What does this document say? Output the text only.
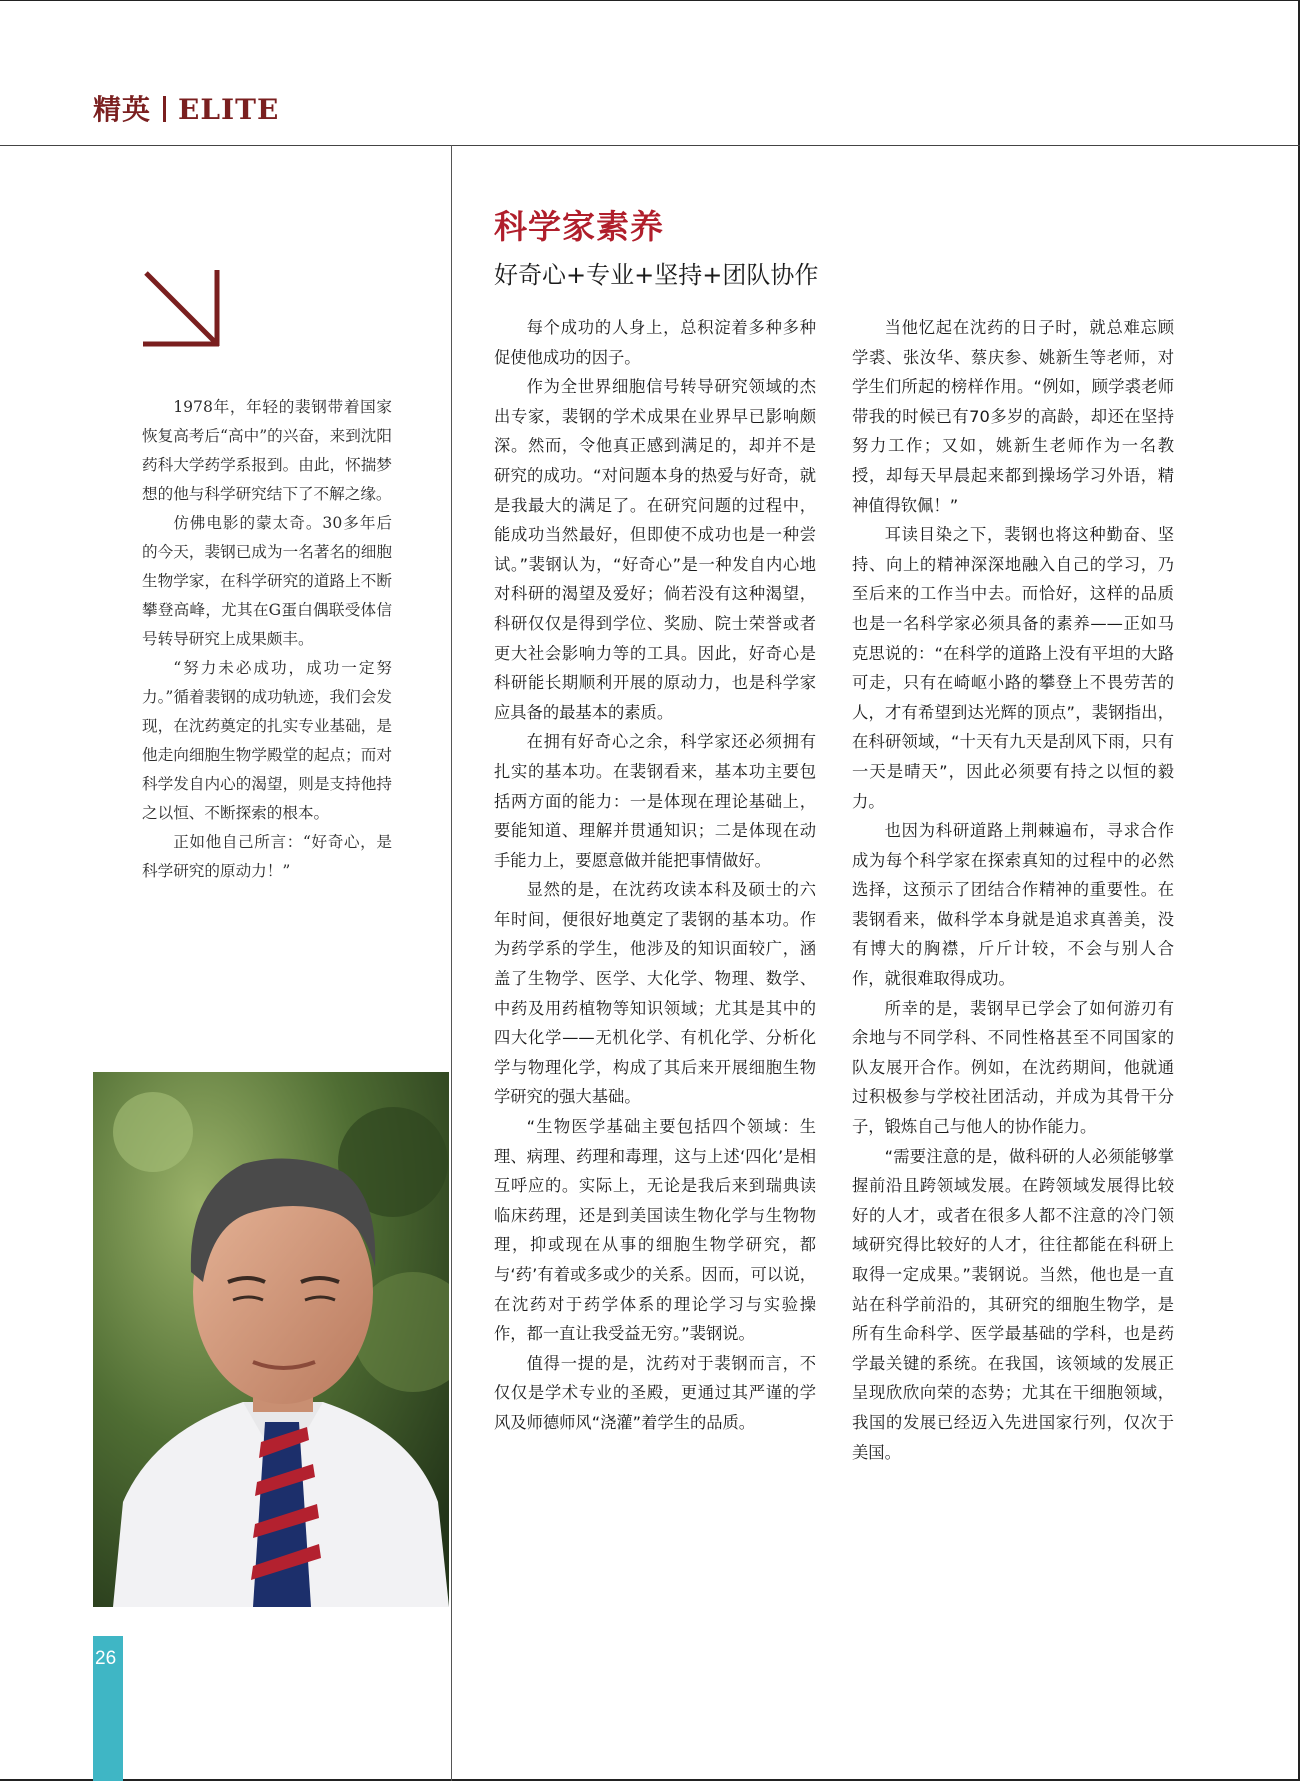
精英 ELITE

1978年，年轻的裴钢带着国家恢复高考后“高中”的兴奋，来到沈阳药科大学药学系报到。由此，怀揣梦想的他与科学研究结下了不解之缘。

仿佛电影的蒙太奇。30多年后的今天，裴钢已成为一名著名的细胞生物学家，在科学研究的道路上不断攀登高峰，尤其在G蛋白偶联受体信号转导研究上成果颇丰。

“努力未必成功，成功一定努力。”循着裴钢的成功轨迹，我们会发现，在沈药奠定的扎实专业基础，是他走向细胞生物学殿堂的起点；而对科学发自内心的渴望，则是支持他持之以恒、不断探索的根本。

正如他自己所言：“好奇心，是科学研究的原动力！”

26
科学家素养
好奇心+专业+坚持+团队协作

每个成功的人身上，总积淀着多种多种促使他成功的因子。

作为全世界细胞信号转导研究领域的杰出专家，裴钢的学术成果在业界早已影响颇深。然而，令他真正感到满足的，却并不是研究的成功。“对问题本身的热爱与好奇，就是我最大的满足了。在研究问题的过程中，能成功当然最好，但即使不成功也是一种尝试。”裴钢认为，“好奇心”是一种发自内心地对科研的渴望及爱好；倘若没有这种渴望，科研仅仅是得到学位、奖励、院士荣誉或者更大社会影响力等的工具。因此，好奇心是科研能长期顺利开展的原动力，也是科学家应具备的最基本的素质。

在拥有好奇心之余，科学家还必须拥有扎实的基本功。在裴钢看来，基本功主要包括两方面的能力：一是体现在理论基础上，要能知道、理解并贯通知识；二是体现在动手能力上，要愿意做并能把事情做好。

显然的是，在沈药攻读本科及硕士的六年时间，便很好地奠定了裴钢的基本功。作为药学系的学生，他涉及的知识面较广，涵盖了生物学、医学、大化学、物理、数学、中药及用药植物等知识领域；尤其是其中的四大化学——无机化学、有机化学、分析化学与物理化学，构成了其后来开展细胞生物学研究的强大基础。

“生物医学基础主要包括四个领域：生理、病理、药理和毒理，这与上述‘四化’是相互呼应的。实际上，无论是我后来到瑞典读临床药理，还是到美国读生物化学与生物物理，抑或现在从事的细胞生物学研究，都与‘药’有着或多或少的关系。因而，可以说，在沈药对于药学体系的理论学习与实验操作，都一直让我受益无穷。”裴钢说。

值得一提的是，沈药对于裴钢而言，不仅仅是学术专业的圣殿，更通过其严谨的学风及师德师风“浇灌”着学生的品质。

当他忆起在沈药的日子时，就总难忘顾学裘、张汝华、蔡庆参、姚新生等老师，对学生们所起的榜样作用。“例如，顾学裘老师带我的时候已有70多岁的高龄，却还在坚持努力工作；又如，姚新生老师作为一名教授，却每天早晨起来都到操场学习外语，精神值得钦佩！”

耳读目染之下，裴钢也将这种勤奋、坚持、向上的精神深深地融入自己的学习，乃至后来的工作当中去。而恰好，这样的品质也是一名科学家必须具备的素养——正如马克思说的：“在科学的道路上没有平坦的大路可走，只有在崎岖小路的攀登上不畏劳苦的人，才有希望到达光辉的顶点”，裴钢指出，在科研领域，“十天有九天是刮风下雨，只有一天是晴天”，因此必须要有持之以恒的毅力。

也因为科研道路上荆棘遍布，寻求合作成为每个科学家在探索真知的过程中的必然选择，这预示了团结合作精神的重要性。在裴钢看来，做科学本身就是追求真善美，没有博大的胸襟，斤斤计较，不会与别人合作，就很难取得成功。

所幸的是，裴钢早已学会了如何游刃有余地与不同学科、不同性格甚至不同国家的队友展开合作。例如，在沈药期间，他就通过积极参与学校社团活动，并成为其骨干分子，锻炼自己与他人的协作能力。

“需要注意的是，做科研的人必须能够掌握前沿且跨领域发展。在跨领域发展得比较好的人才，或者在很多人都不注意的冷门领域研究得比较好的人才，往往都能在科研上取得一定成果。”裴钢说。当然，他也是一直站在科学前沿的，其研究的细胞生物学，是所有生命科学、医学最基础的学科，也是药学最关键的系统。在我国，该领域的发展正呈现欣欣向荣的态势；尤其在干细胞领域，我国的发展已经迈入先进国家行列，仅次于美国。
